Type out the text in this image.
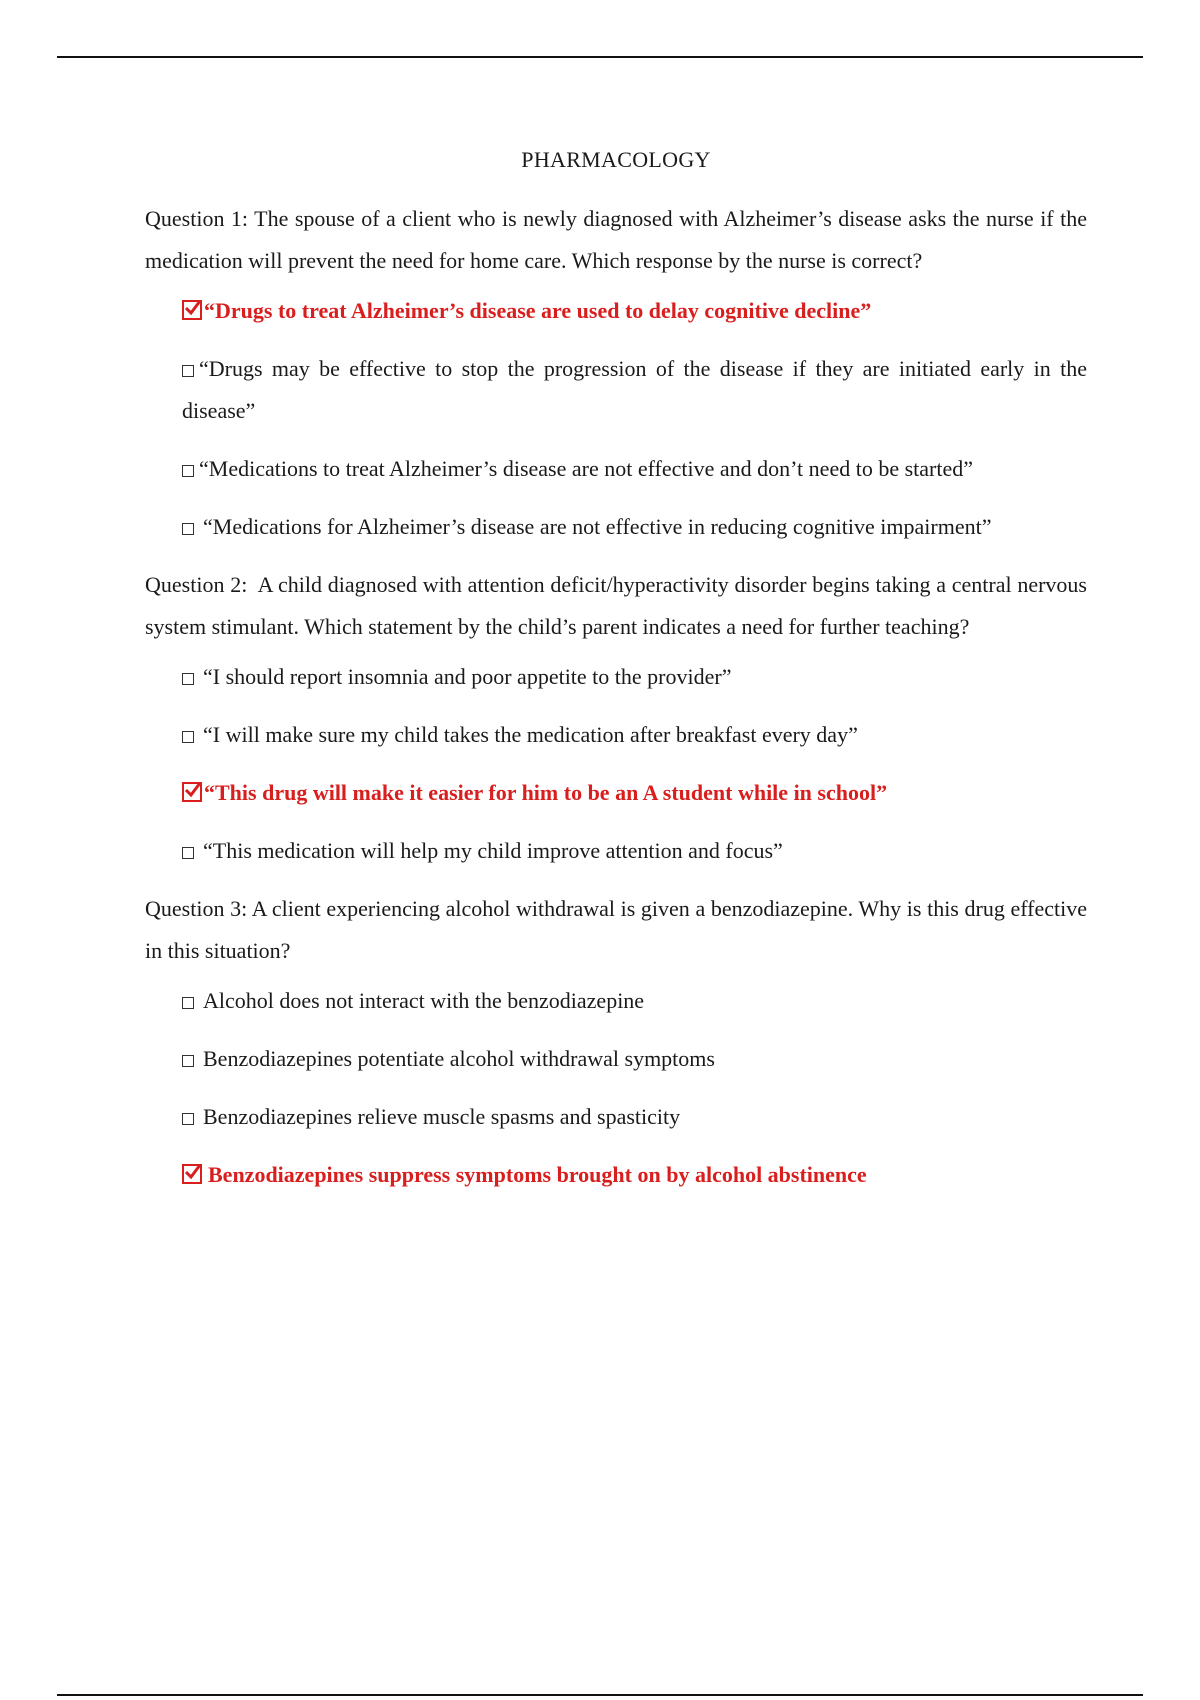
PHARMACOLOGY

Question 1: The spouse of a client who is newly diagnosed with Alzheimer’s disease asks the nurse if the medication will prevent the need for home care. Which response by the nurse is correct?

“Drugs to treat Alzheimer’s disease are used to delay cognitive decline”
“Drugs may be effective to stop the progression of the disease if they are initiated early in the disease”
“Medications to treat Alzheimer’s disease are not effective and don’t need to be started”
“Medications for Alzheimer’s disease are not effective in reducing cognitive impairment”

Question 2:  A child diagnosed with attention deficit/hyperactivity disorder begins taking a central nervous system stimulant. Which statement by the child’s parent indicates a need for further teaching?

“I should report insomnia and poor appetite to the provider”
“I will make sure my child takes the medication after breakfast every day”
“This drug will make it easier for him to be an A student while in school”
“This medication will help my child improve attention and focus”

Question 3: A client experiencing alcohol withdrawal is given a benzodiazepine. Why is this drug effective in this situation?

Alcohol does not interact with the benzodiazepine
Benzodiazepines potentiate alcohol withdrawal symptoms
Benzodiazepines relieve muscle spasms and spasticity
Benzodiazepines suppress symptoms brought on by alcohol abstinence
